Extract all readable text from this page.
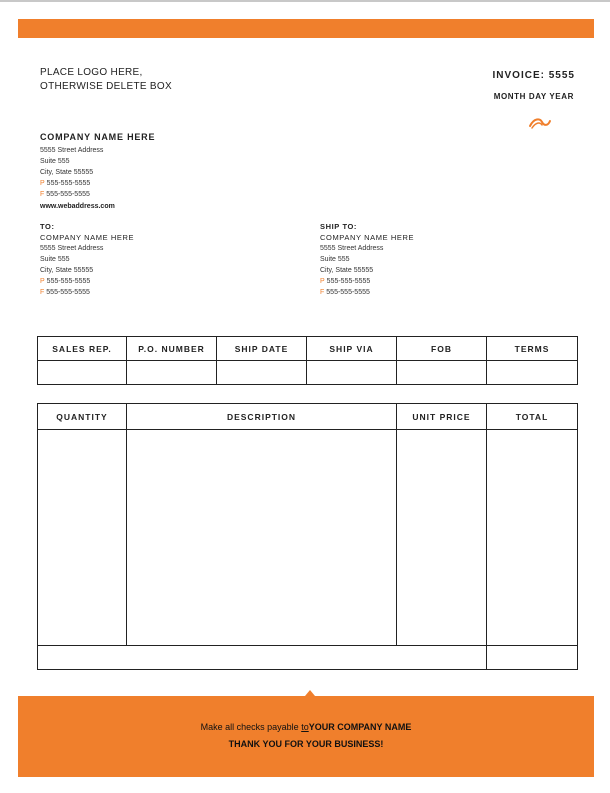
PLACE LOGO HERE,
OTHERWISE DELETE BOX
INVOICE: 5555
MONTH DAY YEAR
COMPANY NAME HERE
5555 Street Address
Suite 555
City, State 55555
P 555-555-5555
F 555-555-5555
www.webaddress.com
TO:
COMPANY NAME HERE
5555 Street Address
Suite 555
City, State 55555
P 555-555-5555
F 555-555-5555
SHIP TO:
COMPANY NAME HERE
5555 Street Address
Suite 555
City, State 55555
P 555-555-5555
F 555-555-5555
SALES REP.	P.O. NUMBER	SHIP DATE	SHIP VIA	FOB	TERMS

QUANTITY	DESCRIPTION	UNIT PRICE	TOTAL

Make all checks payable toYOUR COMPANY NAME
THANK YOU FOR YOUR BUSINESS!
